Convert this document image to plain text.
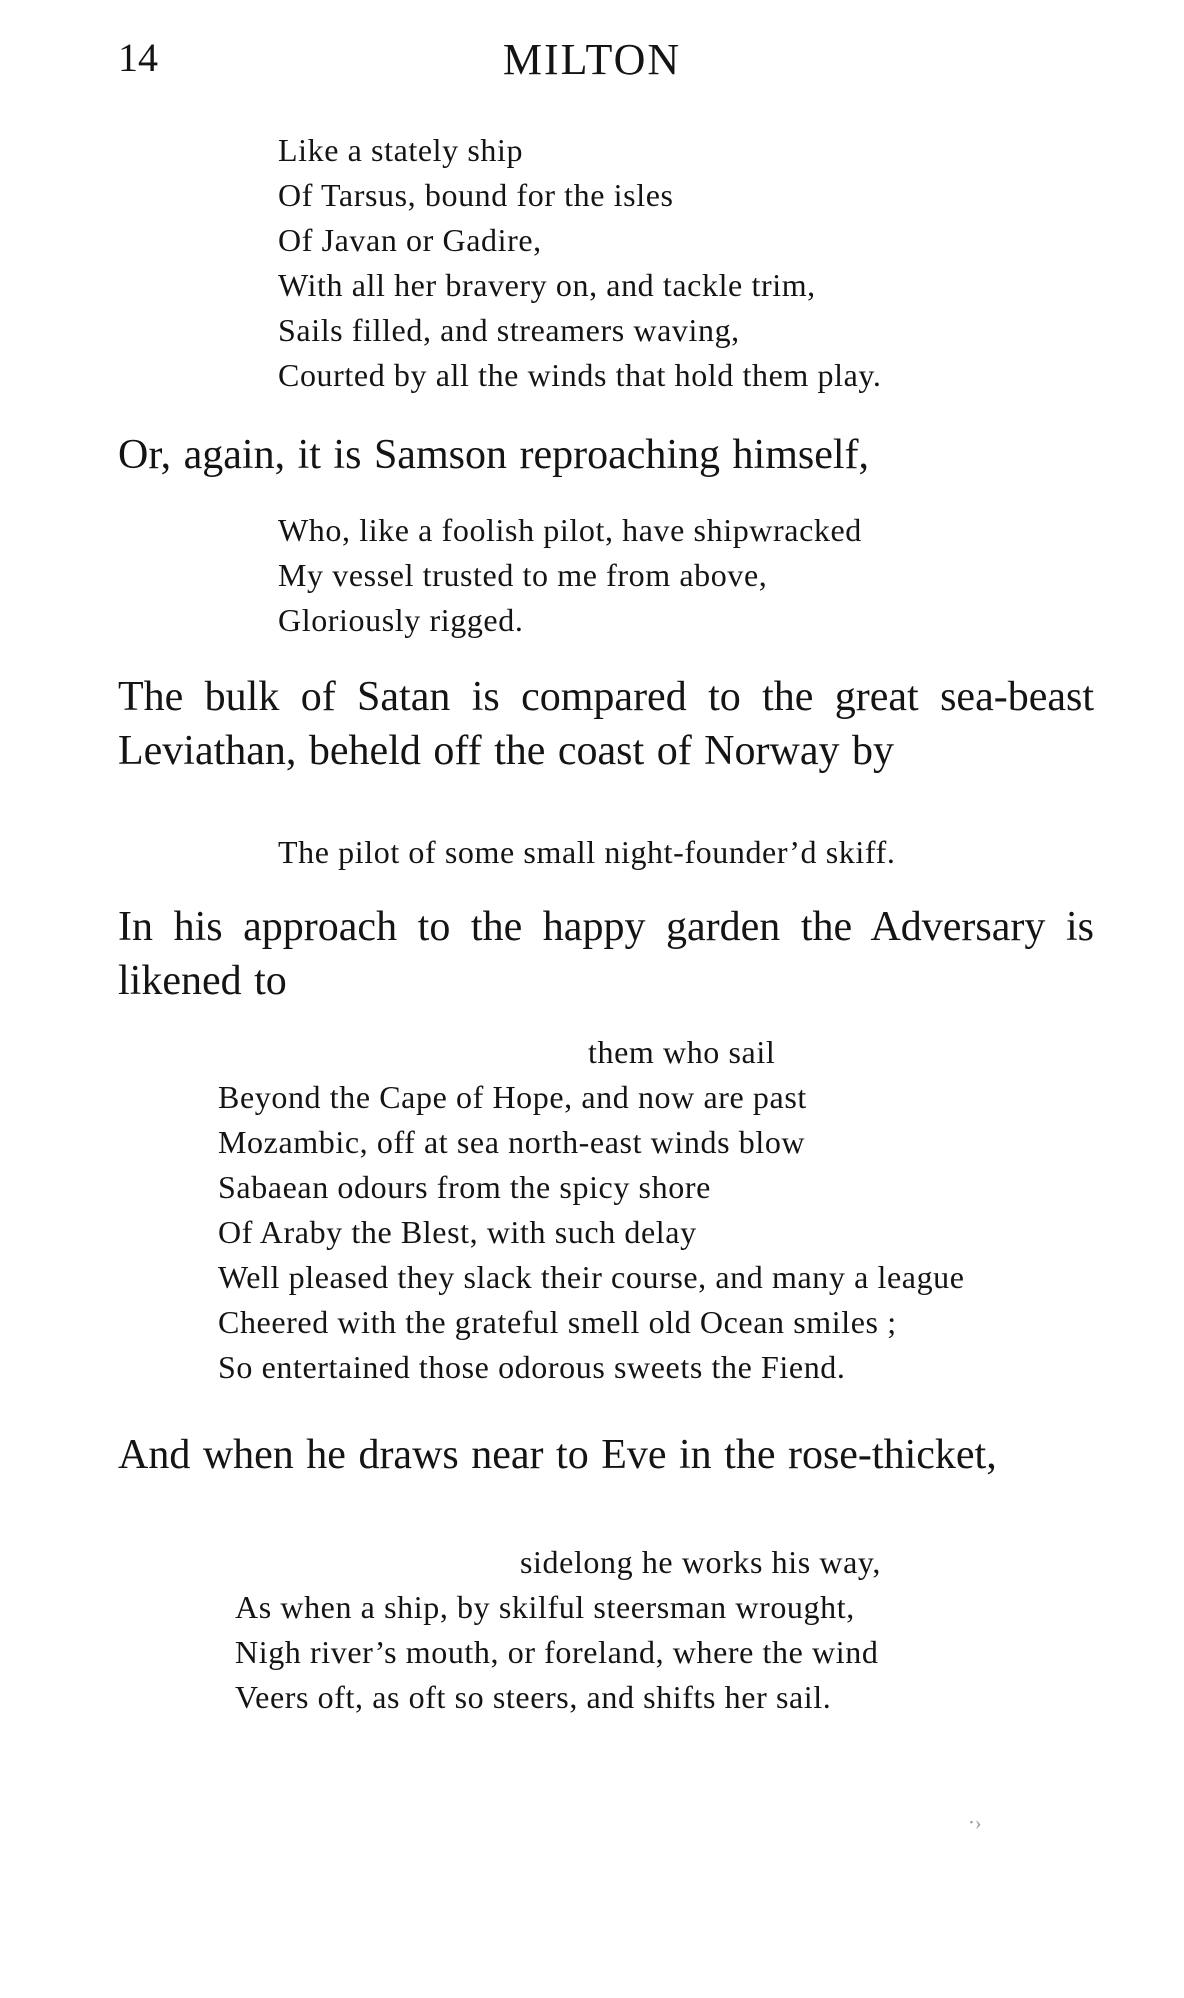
14	MILTON
Like a stately ship
Of Tarsus, bound for the isles
Of Javan or Gadire,
With all her bravery on, and tackle trim,
Sails filled, and streamers waving,
Courted by all the winds that hold them play.

Or, again, it is Samson reproaching himself,

Who, like a foolish pilot, have shipwracked
My vessel trusted to me from above,
Gloriously rigged.

The bulk of Satan is compared to the great sea-beast Leviathan, beheld off the coast of Norway by

The pilot of some small night-founder’d skiff.

In his approach to the happy garden the Adversary is likened to

them who sail
Beyond the Cape of Hope, and now are past
Mozambic, off at sea north-east winds blow
Sabaean odours from the spicy shore
Of Araby the Blest, with such delay
Well pleased they slack their course, and many a league
Cheered with the grateful smell old Ocean smiles ;
So entertained those odorous sweets the Fiend.

And when he draws near to Eve in the rose-thicket,

sidelong he works his way,
As when a ship, by skilful steersman wrought,
Nigh river’s mouth, or foreland, where the wind
Veers oft, as oft so steers, and shifts her sail.
⋅›
